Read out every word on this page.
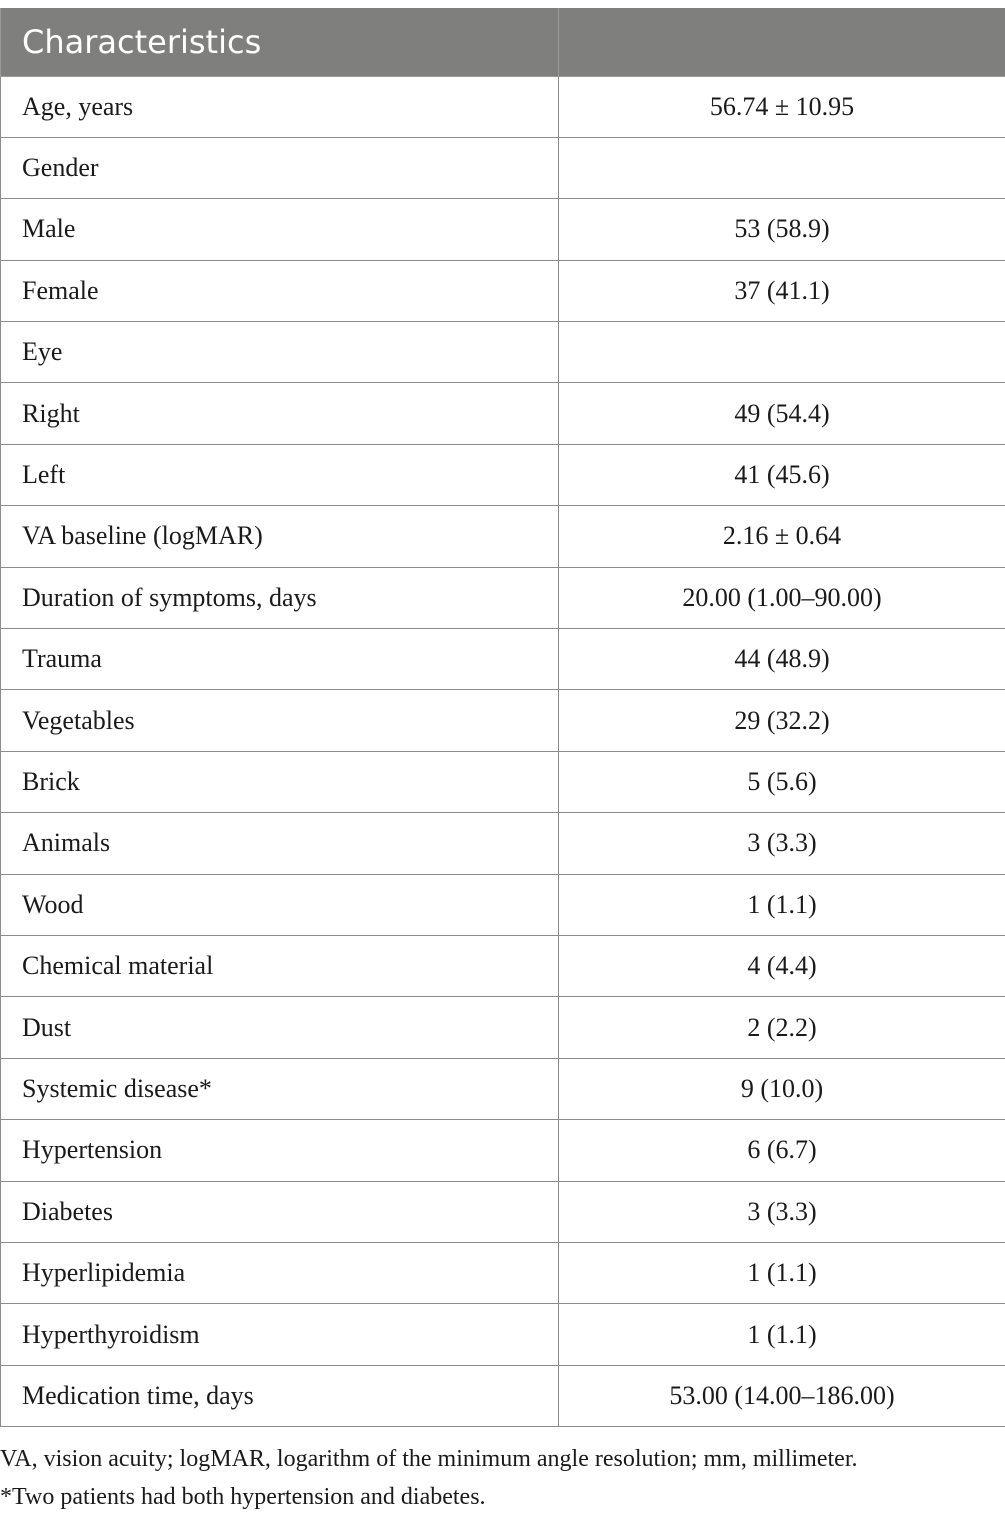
Characteristics	
Age, years	56.74 ± 10.95
Gender	
Male	53 (58.9)
Female	37 (41.1)
Eye	
Right	49 (54.4)
Left	41 (45.6)
VA baseline (logMAR)	2.16 ± 0.64
Duration of symptoms, days	20.00 (1.00–90.00)
Trauma	44 (48.9)
Vegetables	29 (32.2)
Brick	5 (5.6)
Animals	3 (3.3)
Wood	1 (1.1)
Chemical material	4 (4.4)
Dust	2 (2.2)
Systemic disease*	9 (10.0)
Hypertension	6 (6.7)
Diabetes	3 (3.3)
Hyperlipidemia	1 (1.1)
Hyperthyroidism	1 (1.1)
Medication time, days	53.00 (14.00–186.00)

VA, vision acuity; logMAR, logarithm of the minimum angle resolution; mm, millimeter.

*Two patients had both hypertension and diabetes.
